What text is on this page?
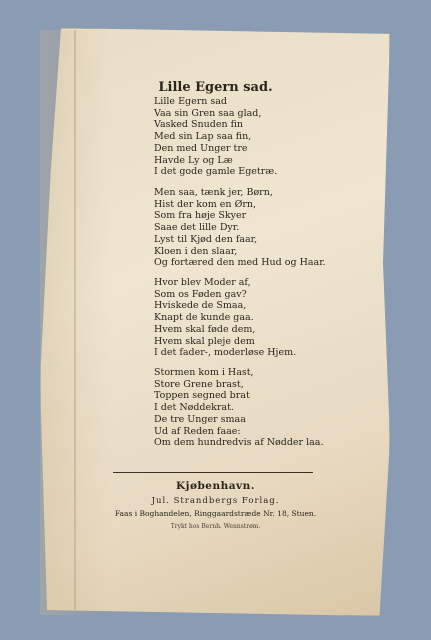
Lille Egern sad.
Lille Egern sad
Vaa sin Gren saa glad,
Vasked Snuden fin
Med sin Lap saa fin,
Den med Unger tre
Havde Ly og Læ
I det gode gamle Egetræ.
Men saa, tænk jer, Børn,
Hist der kom en Ørn,
Som fra høje Skyer
Saae det lille Dyr.
Lyst til Kjød den faar,
Kloen i den slaar,
Og fortæred den med Hud og Haar.
Hvor blev Moder af,
Som os Føden gav?
Hviskede de Smaa,
Knapt de kunde gaa.
Hvem skal føde dem,
Hvem skal pleje dem
I det fader-, moderløse Hjem.
Stormen kom i Hast,
Store Grene brast,
Toppen segned brat
I det Nøddekrat.
De tre Unger smaa
Ud af Reden faae:
Om dem hundredvis af Nødder laa.
Kjøbenhavn.
Jul. Strandbergs Forlag.
Faas i Boghandelen, Ringgaardstræde Nr. 18, Stuen.
Trykt hos Bernh. Wennstrøm.
